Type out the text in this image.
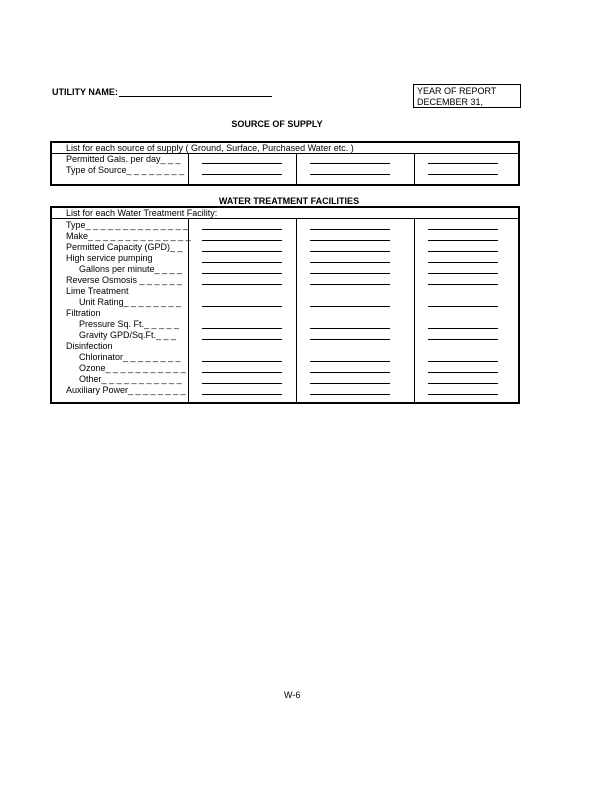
UTILITY NAME:	YEAR OF REPORT
DECEMBER 31,
SOURCE OF SUPPLY
List for each source of supply ( Ground, Surface, Purchased Water etc. )
Permitted Gals. per day_ _ _
Type of Source_ _ _ _ _ _ _ _
WATER TREATMENT FACILITIES
List for each Water Treatment Facility:
Type_ _ _ _ _ _ _ _ _ _ _ _ _ _
Make_ _ _ _ _ _ _ _ _ _ _ _ _ _
Permitted Capacity (GPD)_ _
High service pumping
Gallons per minute_ _ _ _
Reverse Osmosis _ _ _ _ _ _
Lime Treatment
Unit Rating_ _ _ _ _ _ _ _
Filtration
Pressure Sq. Ft._ _ _ _ _
Gravity GPD/Sq.Ft._ _ _
Disinfection
Chlorinator_ _ _ _ _ _ _ _
Ozone_ _ _ _ _ _ _ _ _ _ _
Other_ _ _ _ _ _ _ _ _ _ _
Auxiliary Power_ _ _ _ _ _ _ _
W-6
